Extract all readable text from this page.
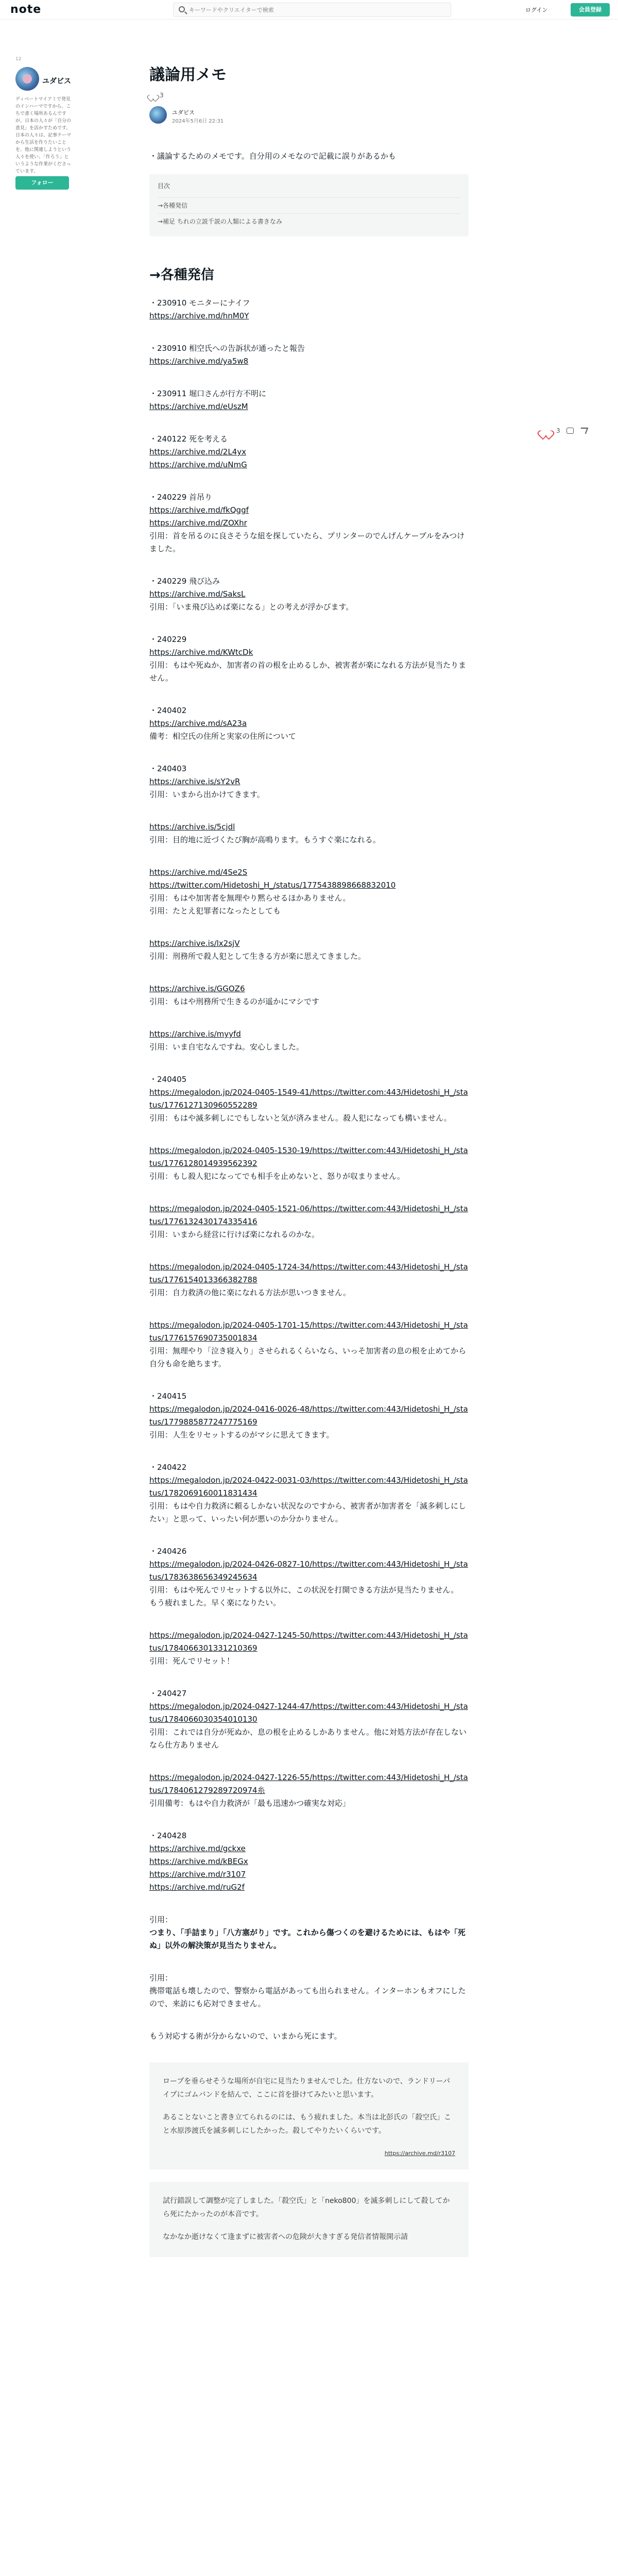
note
キーワードやクリエイターで検索	ログイン	会員登録
12
ユダビス
ディベートマイアミで発見のインハーマですから、こちで書く場所あるんですが、日本の人々が「自分の意見」を活かすためです。日本の人々は、記事テーマから生活を作りたいことを、他に関連しようという人々を使い、「作ろう」というような作業がくださっています。
フォロー
3
議論用メモ
3
ユダビス
2024年5月6日 22:31

・議論するためのメモです。自分用のメモなので記載に誤りがあるかも

目次
→各種発信
→補足 ちれの立説千説の人類による書きなみ
→各種発信

・230910 モニターにナイフ

https://archive.md/hnM0Y

・230910 相空氏への告訴状が通ったと報告

https://archive.md/ya5w8

・230911 堀口さんが行方不明に

https://archive.md/eUszM

・240122 死を考える

https://archive.md/2L4yx

https://archive.md/uNmG

・240229 首吊り

https://archive.md/fkQggf

https://archive.md/ZOXhr

引用：首を吊るのに良さそうな紐を探していたら、プリンターのでんげんケーブルをみつけました。

・240229 飛び込み

https://archive.md/SaksL

引用：「いま飛び込めば楽になる」との考えが浮かびます。

・240229

https://archive.md/KWtcDk

引用：もはや死ぬか、加害者の首の根を止めるしか、被害者が楽になれる方法が見当たりません。

・240402

https://archive.md/sA23a

備考：相空氏の住所と実家の住所について

・240403

https://archive.is/sY2vR

引用：いまから出かけてきます。

https://archive.is/5cjdl

引用：目的地に近づくたび胸が高鳴ります。もうすぐ楽になれる。

https://archive.md/4Se2S

https://twitter.com/Hidetoshi_H_/status/1775438898668832010

引用：もはや加害者を無理やり黙らせるほかありません。

引用：たとえ犯罪者になったとしても

https://archive.is/lx2sjV

引用：刑務所で殺人犯として生きる方が楽に思えてきました。

https://archive.is/GGOZ6

引用：もはや刑務所で生きるのが遥かにマシです

https://archive.is/myyfd

引用：いま自宅なんですね。安心しました。

・240405

https://megalodon.jp/2024-0405-1549-41/https://twitter.com:443/Hidetoshi_H_/status/1776127130960552289

引用：もはや滅多刺しにでもしないと気が済みません。殺人犯になっても構いません。

https://megalodon.jp/2024-0405-1530-19/https://twitter.com:443/Hidetoshi_H_/status/1776128014939562392

引用：もし殺人犯になってでも相手を止めないと、怒りが収まりません。

https://megalodon.jp/2024-0405-1521-06/https://twitter.com:443/Hidetoshi_H_/status/1776132430174335416

引用：いまから経営に行けば楽になれるのかな。

https://megalodon.jp/2024-0405-1724-34/https://twitter.com:443/Hidetoshi_H_/status/1776154013366382788

引用：自力救済の他に楽になれる方法が思いつきません。

https://megalodon.jp/2024-0405-1701-15/https://twitter.com:443/Hidetoshi_H_/status/1776157690735001834

引用：無理やり「泣き寝入り」させられるくらいなら、いっそ加害者の息の根を止めてから自分も命を絶ちます。

・240415

https://megalodon.jp/2024-0416-0026-48/https://twitter.com:443/Hidetoshi_H_/status/1779885877247775169

引用：人生をリセットするのがマシに思えてきます。

・240422

https://megalodon.jp/2024-0422-0031-03/https://twitter.com:443/Hidetoshi_H_/status/1782069160011831434

引用：もはや自力救済に頼るしかない状況なのですから、被害者が加害者を「滅多刺しにしたい」と思って、いったい何が悪いのか分かりません。

・240426

https://megalodon.jp/2024-0426-0827-10/https://twitter.com:443/Hidetoshi_H_/status/1783638656349245634

引用：もはや死んでリセットする以外に、この状況を打開できる方法が見当たりません。 もう疲れました。早く楽になりたい。

https://megalodon.jp/2024-0427-1245-50/https://twitter.com:443/Hidetoshi_H_/status/1784066301331210369

引用：死んでリセット！

・240427

https://megalodon.jp/2024-0427-1244-47/https://twitter.com:443/Hidetoshi_H_/status/1784066030354010130

引用：これでは自分が死ぬか、息の根を止めるしかありません。他に対処方法が存在しないなら仕方ありません

https://megalodon.jp/2024-0427-1226-55/https://twitter.com:443/Hidetoshi_H_/status/1784061279289720974糸

引用備考：もはや自力救済が「最も迅速かつ確実な対応」

・240428

https://archive.md/gckxe

https://archive.md/kBEGx

https://archive.md/r3107

https://archive.md/ruG2f

引用：

つまり、「手詰まり」「八方塞がり」です。これから傷つくのを避けるためには、もはや「死ぬ」以外の解決策が見当たりません。

引用：

携帯電話も壊したので、警察から電話があっても出られません。インターホンもオフにしたので、来訪にも応対できません。

もう対応する術が分からないので、いまから死にます。

ロープを垂らせそうな場所が自宅に見当たりませんでした。仕方ないので、ランドリーパイプにゴムバンドを結んで、ここに首を掛けてみたいと思います。

あることないこと書き立てられるのには、もう疲れました。本当は北彭氏の「殺空氏」こと水原渉渡氏を滅多刺しにしたかった。殺してやりたいくらいです。

https://archive.md/r3107

試行錯誤して調整が完了しました。「殺空氏」と「neko800」を滅多刺しにして殺してから死にたかったのが本音です。

なかなか逝けなくて逢まずに被害者への危険が大きすぎる発信者情報開示請
